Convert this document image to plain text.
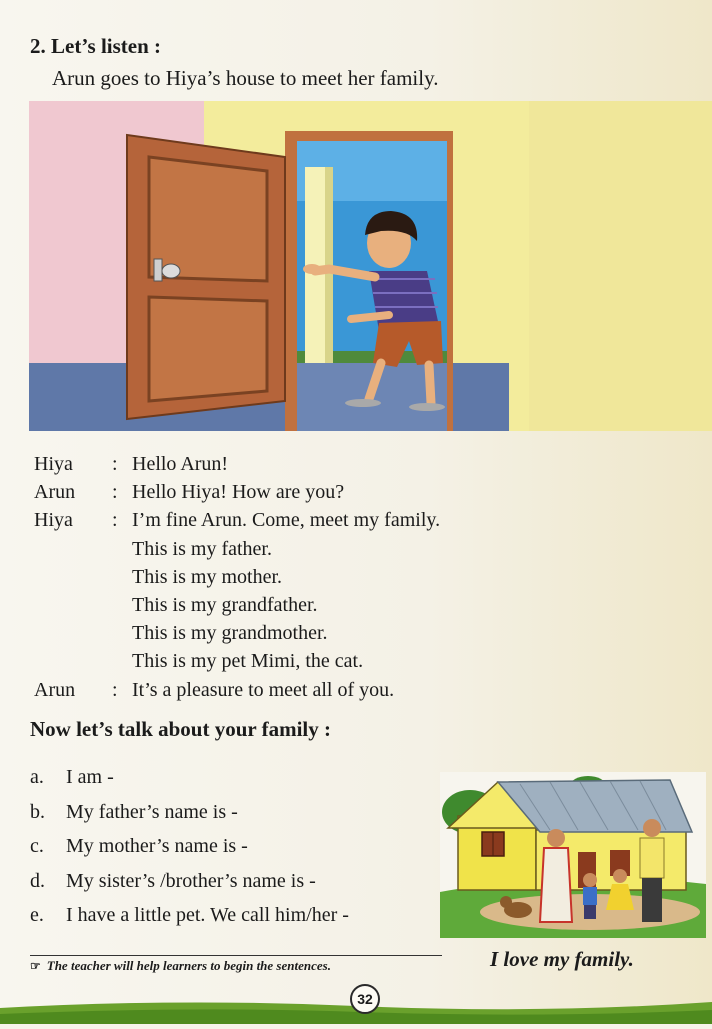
2. Let’s listen :
Arun goes to Hiya’s house to meet her family.
Hiya	: Hello Arun!
Arun	: Hello Hiya! How are you?
Hiya	: I’m fine Arun. Come, meet my family.
This is my father.
This is my mother.
This is my grandfather.
This is my grandmother.
This is my pet Mimi, the cat.
Arun	: It’s a pleasure to meet all of you.
Now let’s talk about your family :
a.	I am -
b.	My father’s name is -
c.	My mother’s name is -
d.	My sister’s /brother’s name is -
e.	I have a little pet. We call him/her -
I love my family.
☞ The teacher will help learners to begin the sentences.
32
